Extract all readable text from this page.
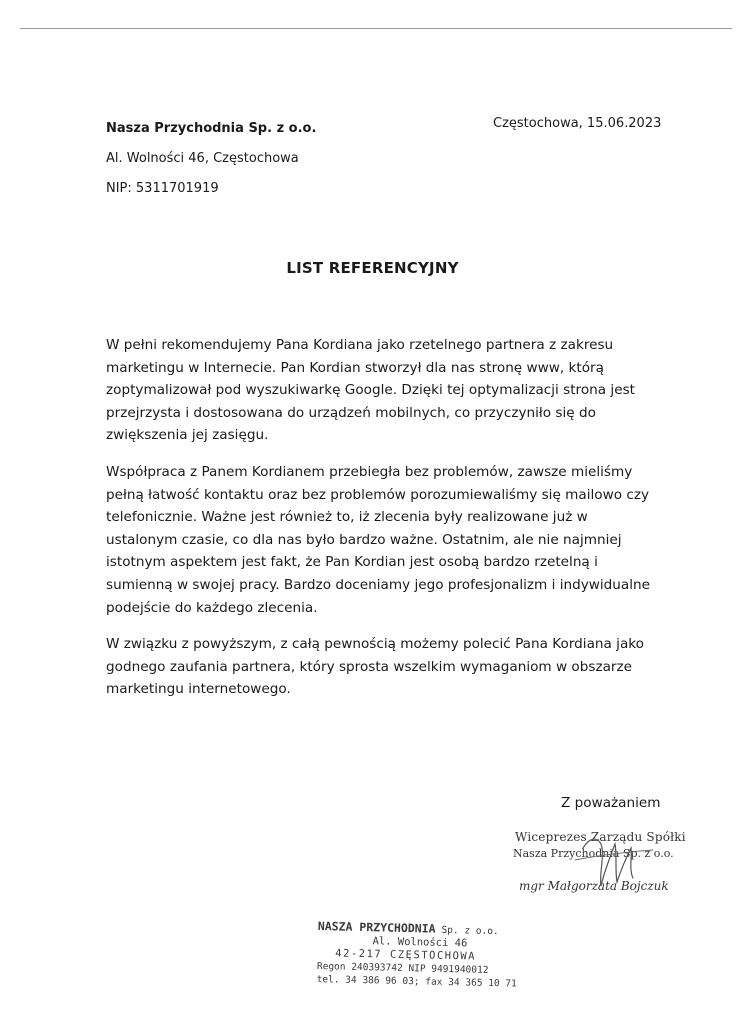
Nasza Przychodnia Sp. z o.o.
Al. Wolności 46, Częstochowa
NIP: 5311701919
Częstochowa, 15.06.2023
LIST REFERENCYJNY

W pełni rekomendujemy Pana Kordiana jako rzetelnego partnera z zakresu marketingu w Internecie. Pan Kordian stworzył dla nas stronę www, którą zoptymalizował pod wyszukiwarkę Google. Dzięki tej optymalizacji strona jest przejrzysta i dostosowana do urządzeń mobilnych, co przyczyniło się do zwiększenia jej zasięgu.

Współpraca z Panem Kordianem przebiegła bez problemów, zawsze mieliśmy pełną łatwość kontaktu oraz bez problemów porozumiewaliśmy się mailowo czy telefonicznie. Ważne jest również to, iż zlecenia były realizowane już w ustalonym czasie, co dla nas było bardzo ważne. Ostatnim, ale nie najmniej istotnym aspektem jest fakt, że Pan Kordian jest osobą bardzo rzetelną i sumienną w swojej pracy. Bardzo doceniamy jego profesjonalizm i indywidualne podejście do każdego zlecenia.

W związku z powyższym, z całą pewnością możemy polecić Pana Kordiana jako godnego zaufania partnera, który sprosta wszelkim wymaganiom w obszarze marketingu internetowego.

Z poważaniem
Wiceprezes Zarządu Spółki
Nasza Przychodnia Sp. z o.o.
mgr Małgorzata Bojczuk
NASZA PRZYCHODNIA Sp. z o.o.
Al. Wolności 46
42-217 CZĘSTOCHOWA
Regon 240393742 NIP 9491940012
tel. 34 386 96 03; fax 34 365 10 71
